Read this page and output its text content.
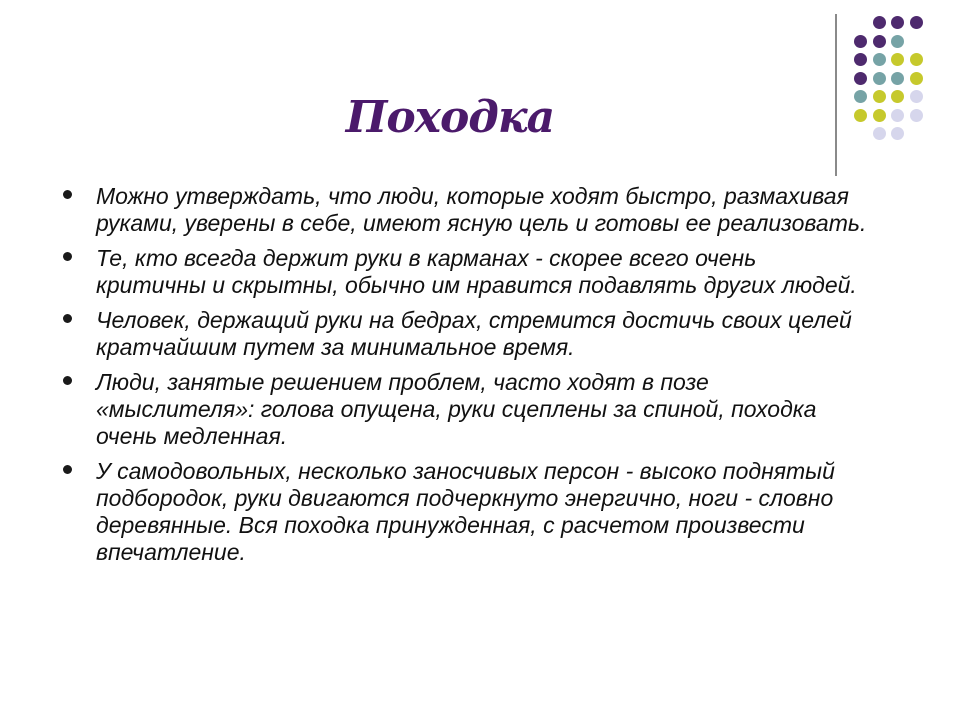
Походка
Можно утверждать, что люди, которые ходят быстро, размахивая руками, уверены в себе, имеют ясную цель и готовы ее реализовать.
Те, кто всегда держит руки в карманах - скорее всего очень критичны и скрытны, обычно им нравится подавлять других людей.
Человек, держащий руки на бедрах, стремится достичь своих целей кратчайшим путем за минимальное время.
Люди, занятые решением проблем, часто ходят в позе «мыслителя»: голова опущена, руки сцеплены за спиной, походка очень медленная.
У самодовольных, несколько заносчивых персон - высоко поднятый подбородок, руки двигаются подчеркнуто энергично, ноги - словно деревянные. Вся походка принужденная, с расчетом произвести впечатление.
